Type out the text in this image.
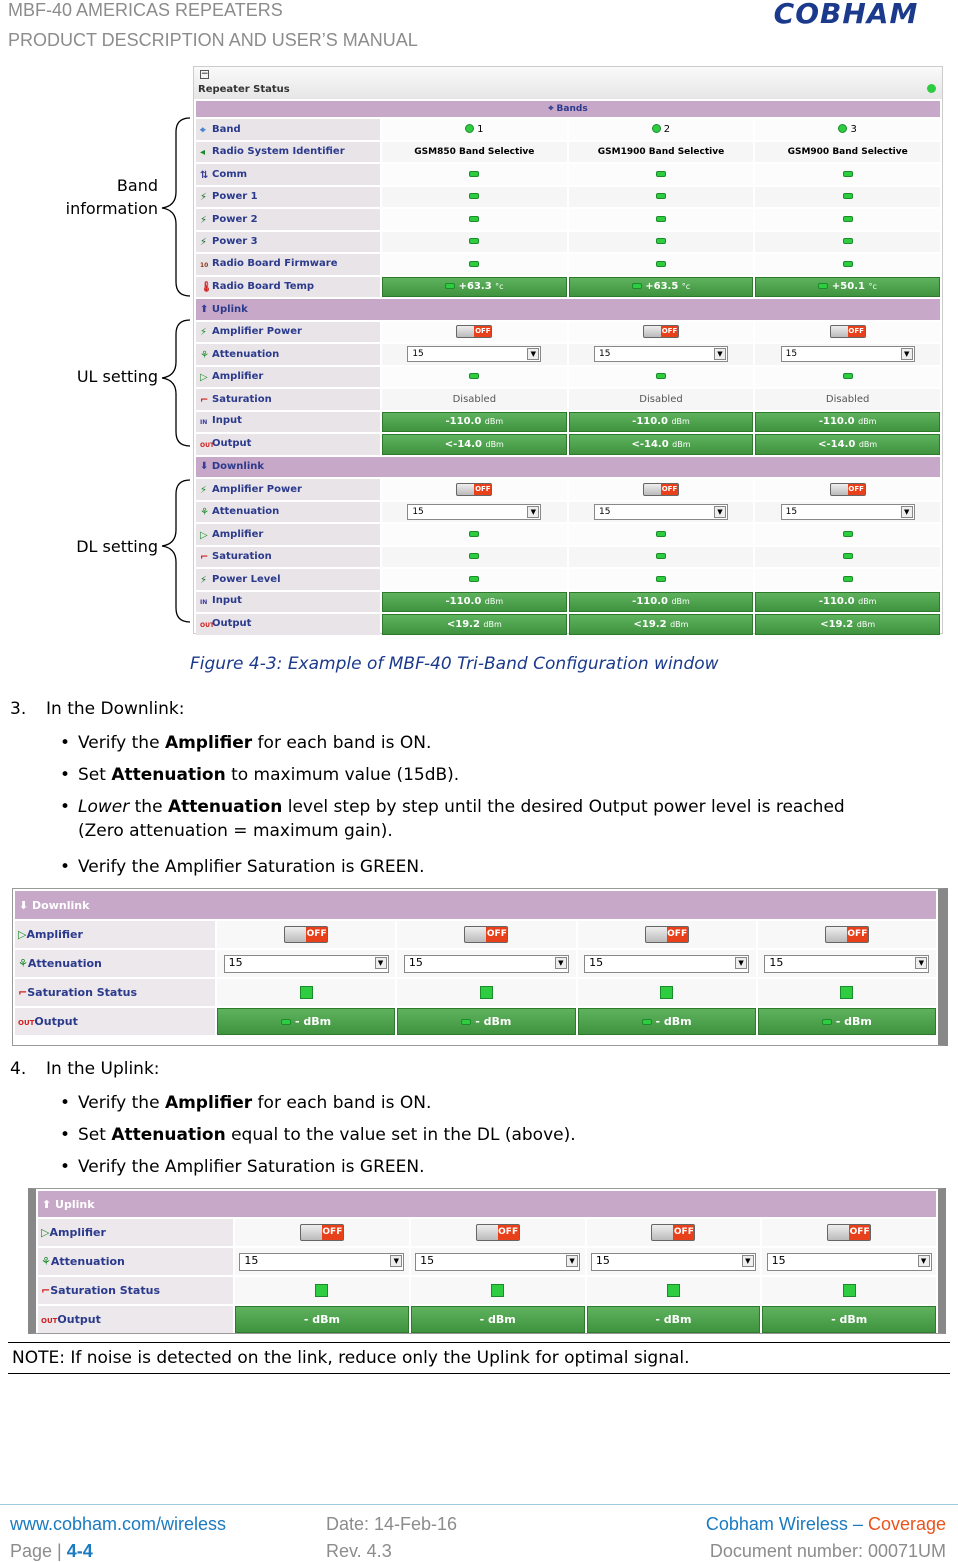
MBF-40 AMERICAS REPEATERS
PRODUCT DESCRIPTION AND USER’S MANUAL
COBHAM
−
Repeater Status
⌖ Bands			
⌖ Band	1	2	3
◂ Radio System Identifier	GSM850 Band Selective	GSM1900 Band Selective	GSM900 Band Selective
⇅ Comm			
⚡ Power 1			
⚡ Power 2			
⚡ Power 3			
10 Radio Board Firmware			
🌡Radio Board Temp	+63.3 °c	+63.5 °c	+50.1 °c
⬆ Uplink			
⚡ Amplifier Power	OFF	OFF	OFF

⚘ Attenuation	15 ▼	15 ▼	15 ▼

▷ Amplifier			
⌐ Saturation	Disabled	Disabled	Disabled
IN Input	-110.0 dBm	-110.0 dBm	-110.0 dBm
OUTOutput	<-14.0 dBm	<-14.0 dBm	<-14.0 dBm
⬇ Downlink			
⚡ Amplifier Power	OFF	OFF	OFF

⚘ Attenuation	15 ▼	15 ▼	15 ▼

▷ Amplifier			
⌐ Saturation			
⚡ Power Level			
IN Input	-110.0 dBm	-110.0 dBm	-110.0 dBm
OUTOutput	<19.2 dBm	<19.2 dBm	<19.2 dBm
Band
information
UL setting
DL setting
Figure 4-3: Example of MBF-40 Tri-Band Configuration window
3. In the Downlink:
• Verify the Amplifier for each band is ON.
• Set Attenuation to maximum value (15dB).
• Lower the Attenuation level step by step until the desired Output power level is reached (Zero attenuation = maximum gain).
• Verify the Amplifier Saturation is GREEN.
⬇ Downlink				
▷Amplifier	OFF	OFF	OFF	OFF

⚘Attenuation	15 ▼	15 ▼	15 ▼	15 ▼

⌐Saturation Status				
OUTOutput	- dBm	- dBm	- dBm	- dBm
4. In the Uplink:
• Verify the Amplifier for each band is ON.
• Set Attenuation equal to the value set in the DL (above).
• Verify the Amplifier Saturation is GREEN.
⬆ Uplink				
▷Amplifier	OFF	OFF	OFF	OFF

⚘Attenuation	15 ▼	15 ▼	15 ▼	15 ▼

⌐Saturation Status				
OUTOutput	- dBm	- dBm	- dBm	- dBm
NOTE: If noise is detected on the link, reduce only the Uplink for optimal signal.
www.cobham.com/wireless	Date: 14-Feb-16	Cobham Wireless – Coverage
Page | 4-4	Rev. 4.3	Document number: 00071UM
